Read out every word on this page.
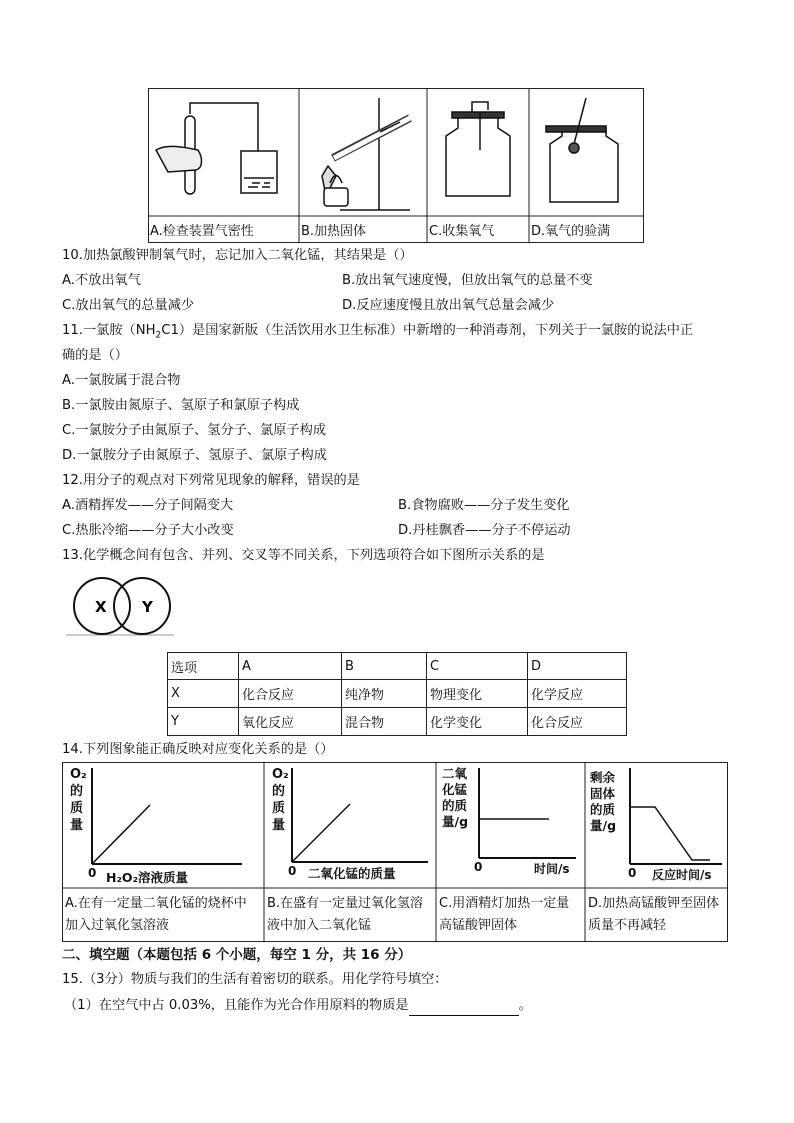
A.检查装置气密性	B.加热固体	C.收集氧气	D.氧气的验满
10.加热氯酸钾制氧气时，忘记加入二氧化锰，其结果是（）
A.不放出氧气	B.放出氧气速度慢，但放出氧气的总量不变
C.放出氧气的总量减少	D.反应速度慢且放出氧气总量会减少
11.一氯胺$(NH_2C1)$是国家新版（生活饮用水卫生标准）中新增的一种消毒剂，下列关于一氯胺的说法中正
确的是（）
A.一氯胺属于混合物
B.一氯胺由氮原子、氢原子和氯原子构成
C.一氯胺分子由氮原子、氢分子、氯原子构成
D.一氯胺分子由氮原子、氢原子、氯原子构成
12.用分子的观点对下列常见现象的解释，错误的是
A.酒精挥发——分子间隔变大	B.食物腐败——分子发生变化
C.热胀冷缩——分子大小改变	D.丹桂飘香——分子不停运动
13.化学概念间有包含、并列、交叉等不同关系，下列选项符合如下图所示关系的是
X Y
选项	A	B	C	D
X	化合反应	纯净物	物理变化	化学反应
Y	氧化反应	混合物	化学变化	化合反应
14.下列图象能正确反映对应变化关系的是（）
O₂
的
质
量
0 H₂O₂溶液质量
O₂
的
质
量
0 二氧化锰的质量
二氧
化锰
的质
量/g
0	时间/s
剩余
固体
的质
量/g
0 反应时间/s
A.在有一定量二氧化锰的烧杯中
加入过氧化氢溶液
B.在盛有一定量过氧化氢溶
液中加入二氧化锰
C.用酒精灯加热一定量
高锰酸钾固体
D.加热高锰酸钾至固体
质量不再减轻
二、填空题（本题包括 6 个小题，每空 1 分，共 16 分）
15.（3分）物质与我们的生活有着密切的联系。用化学符号填空：
（1）在空气中占 0.03%，且能作为光合作用原料的物质是	。
